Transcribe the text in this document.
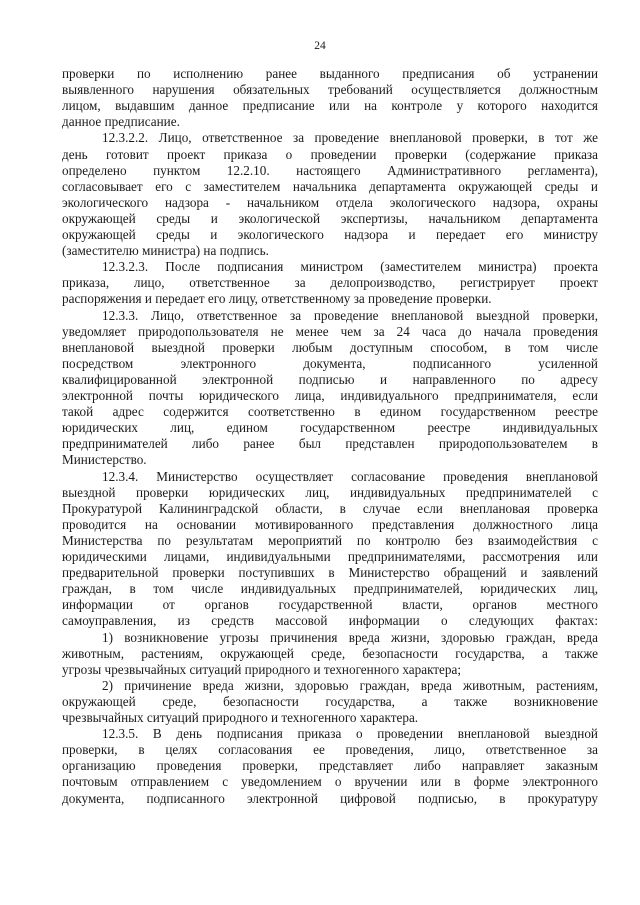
24
проверки по исполнению ранее выданного предписания об устранении
выявленного нарушения обязательных требований осуществляется должностным
лицом, выдавшим данное предписание или на контроле у которого находится
данное предписание.
12.3.2.2. Лицо, ответственное за проведение внеплановой проверки, в тот же
день готовит проект приказа о проведении проверки (содержание приказа
определено пунктом 12.2.10. настоящего Административного регламента),
согласовывает его с заместителем начальника департамента окружающей среды и
экологического надзора - начальником отдела экологического надзора, охраны
окружающей среды и экологической экспертизы, начальником департамента
окружающей среды и экологического надзора и передает его министру
(заместителю министра) на подпись.
12.3.2.3. После подписания министром (заместителем министра) проекта
приказа, лицо, ответственное за делопроизводство, регистрирует проект
распоряжения и передает его лицу, ответственному за проведение проверки.
12.3.3. Лицо, ответственное за проведение внеплановой выездной проверки,
уведомляет природопользователя не менее чем за 24 часа до начала проведения
внеплановой выездной проверки любым доступным способом, в том числе
посредством электронного документа, подписанного усиленной
квалифицированной электронной подписью и направленного по адресу
электронной почты юридического лица, индивидуального предпринимателя, если
такой адрес содержится соответственно в едином государственном реестре
юридических лиц, едином государственном реестре индивидуальных
предпринимателей либо ранее был представлен природопользователем в
Министерство.
12.3.4. Министерство осуществляет согласование проведения внеплановой
выездной проверки юридических лиц, индивидуальных предпринимателей с
Прокуратурой Калининградской области, в случае если внеплановая проверка
проводится на основании мотивированного представления должностного лица
Министерства по результатам мероприятий по контролю без взаимодействия с
юридическими лицами, индивидуальными предпринимателями, рассмотрения или
предварительной проверки поступивших в Министерство обращений и заявлений
граждан, в том числе индивидуальных предпринимателей, юридических лиц,
информации от органов государственной власти, органов местного
самоуправления, из средств массовой информации о следующих фактах:
1) возникновение угрозы причинения вреда жизни, здоровью граждан, вреда
животным, растениям, окружающей среде, безопасности государства, а также
угрозы чрезвычайных ситуаций природного и техногенного характера;
2) причинение вреда жизни, здоровью граждан, вреда животным, растениям,
окружающей среде, безопасности государства, а также возникновение
чрезвычайных ситуаций природного и техногенного характера.
12.3.5. В день подписания приказа о проведении внеплановой выездной
проверки, в целях согласования ее проведения, лицо, ответственное за
организацию проведения проверки, представляет либо направляет заказным
почтовым отправлением с уведомлением о вручении или в форме электронного
документа, подписанного электронной цифровой подписью, в прокуратуру
